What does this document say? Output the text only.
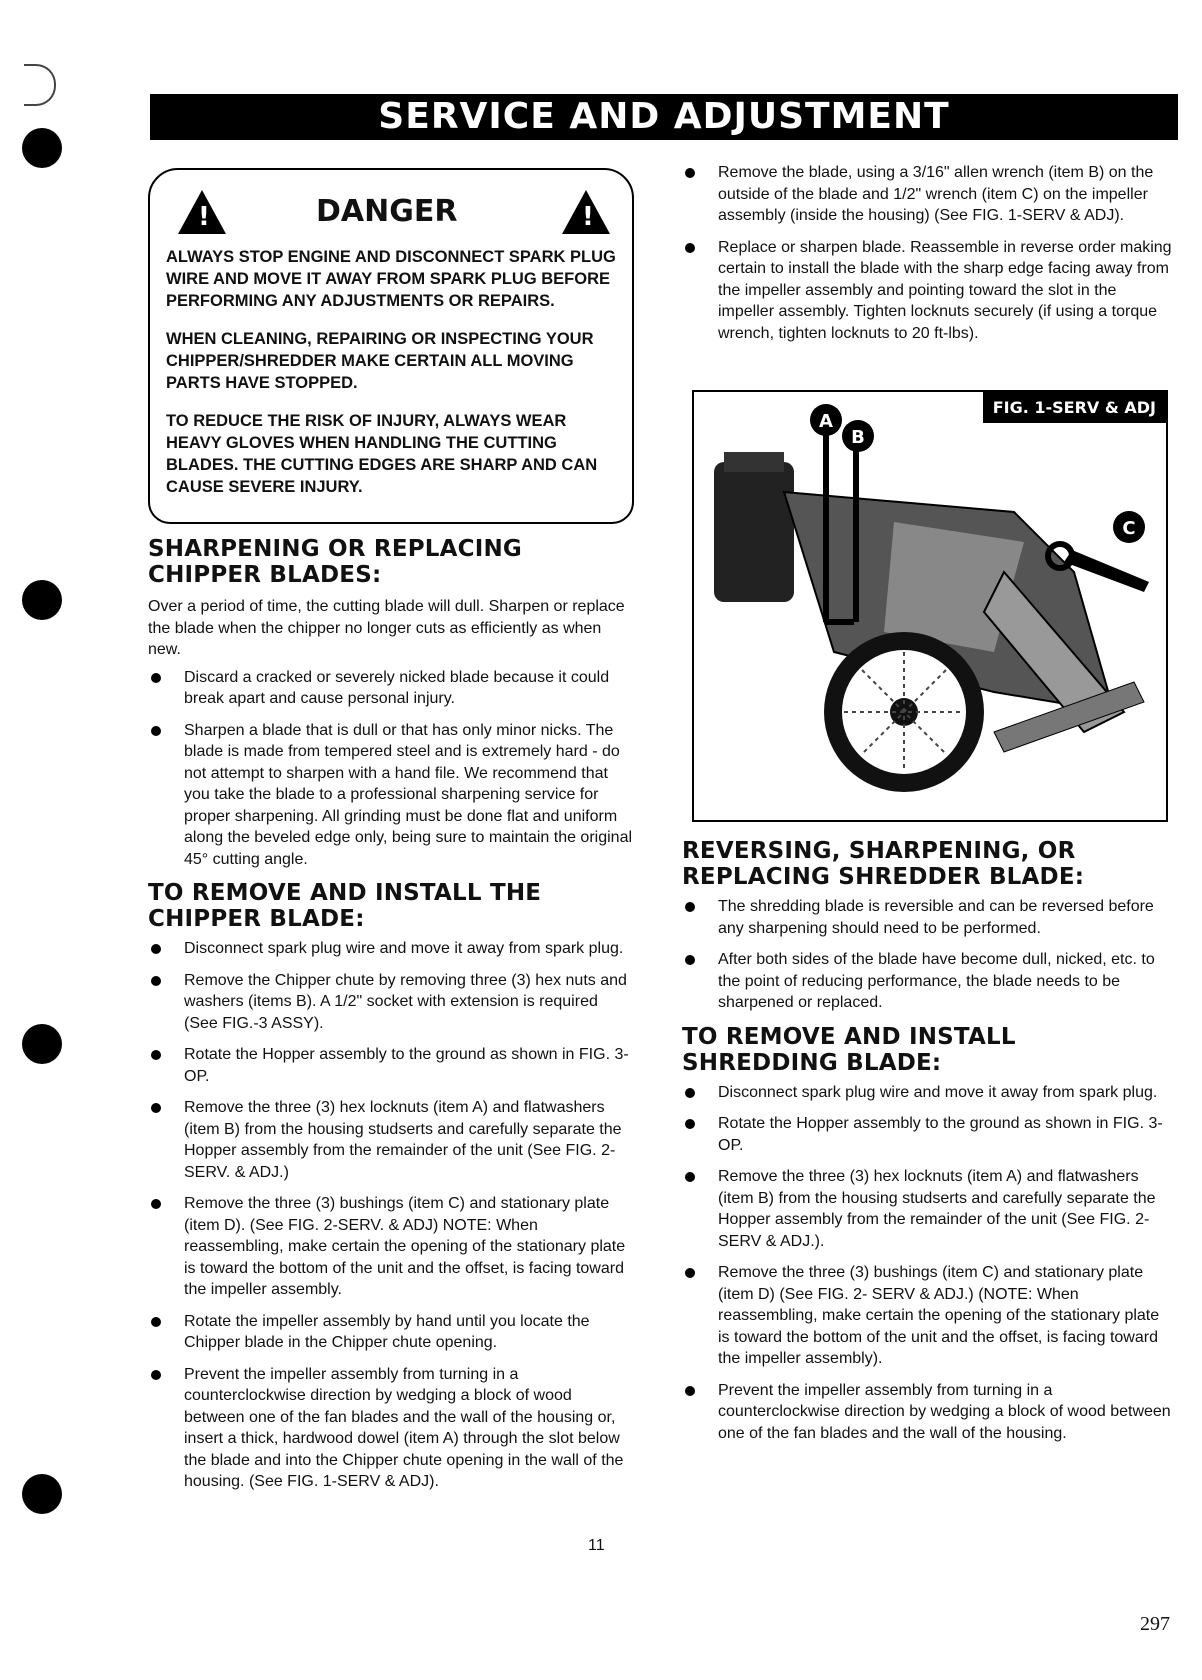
SERVICE AND ADJUSTMENT
!	DANGER	!

ALWAYS STOP ENGINE AND DISCONNECT SPARK PLUG WIRE AND MOVE IT AWAY FROM SPARK PLUG BEFORE PERFORMING ANY ADJUSTMENTS OR REPAIRS.

WHEN CLEANING, REPAIRING OR INSPECTING YOUR CHIPPER/SHREDDER MAKE CERTAIN ALL MOVING PARTS HAVE STOPPED.

TO REDUCE THE RISK OF INJURY, ALWAYS WEAR HEAVY GLOVES WHEN HANDLING THE CUTTING BLADES. THE CUTTING EDGES ARE SHARP AND CAN CAUSE SEVERE INJURY.

SHARPENING OR REPLACING CHIPPER BLADES:

Over a period of time, the cutting blade will dull. Sharpen or replace the blade when the chipper no longer cuts as efficiently as when new.

Discard a cracked or severely nicked blade because it could break apart and cause personal injury.
Sharpen a blade that is dull or that has only minor nicks. The blade is made from tempered steel and is extremely hard - do not attempt to sharpen with a hand file. We recommend that you take the blade to a professional sharpening service for proper sharpening. All grinding must be done flat and uniform along the beveled edge only, being sure to maintain the original 45° cutting angle.
TO REMOVE AND INSTALL THE CHIPPER BLADE:
Disconnect spark plug wire and move it away from spark plug.
Remove the Chipper chute by removing three (3) hex nuts and washers (items B). A 1/2" socket with extension is required (See FIG.-3 ASSY).
Rotate the Hopper assembly to the ground as shown in FIG. 3-OP.
Remove the three (3) hex locknuts (item A) and flatwashers (item B) from the housing studserts and carefully separate the Hopper assembly from the remainder of the unit (See FIG. 2-SERV. & ADJ.)
Remove the three (3) bushings (item C) and stationary plate (item D). (See FIG. 2-SERV. & ADJ) NOTE: When reassembling, make certain the opening of the stationary plate is toward the bottom of the unit and the offset, is facing toward the impeller assembly.
Rotate the impeller assembly by hand until you locate the Chipper blade in the Chipper chute opening.
Prevent the impeller assembly from turning in a counterclockwise direction by wedging a block of wood between one of the fan blades and the wall of the housing or, insert a thick, hardwood dowel (item A) through the slot below the blade and into the Chipper chute opening in the wall of the housing. (See FIG. 1-SERV & ADJ).
Remove the blade, using a 3/16" allen wrench (item B) on the outside of the blade and 1/2" wrench (item C) on the impeller assembly (inside the housing) (See FIG. 1-SERV & ADJ).
Replace or sharpen blade. Reassemble in reverse order making certain to install the blade with the sharp edge facing away from the impeller assembly and pointing toward the slot in the impeller assembly. Tighten locknuts securely (if using a torque wrench, tighten locknuts to 20 ft-lbs).
A
B
C
FIG. 1-SERV & ADJ
REVERSING, SHARPENING, OR REPLACING SHREDDER BLADE:
The shredding blade is reversible and can be reversed before any sharpening should need to be performed.
After both sides of the blade have become dull, nicked, etc. to the point of reducing performance, the blade needs to be sharpened or replaced.
TO REMOVE AND INSTALL SHREDDING BLADE:
Disconnect spark plug wire and move it away from spark plug.
Rotate the Hopper assembly to the ground as shown in FIG. 3-OP.
Remove the three (3) hex locknuts (item A) and flatwashers (item B) from the housing studserts and carefully separate the Hopper assembly from the remainder of the unit (See FIG. 2- SERV & ADJ.).
Remove the three (3) bushings (item C) and stationary plate (item D) (See FIG. 2- SERV & ADJ.) (NOTE: When reassembling, make certain the opening of the stationary plate is toward the bottom of the unit and the offset, is facing toward the impeller assembly).
Prevent the impeller assembly from turning in a counterclockwise direction by wedging a block of wood between one of the fan blades and the wall of the housing.
11
297
